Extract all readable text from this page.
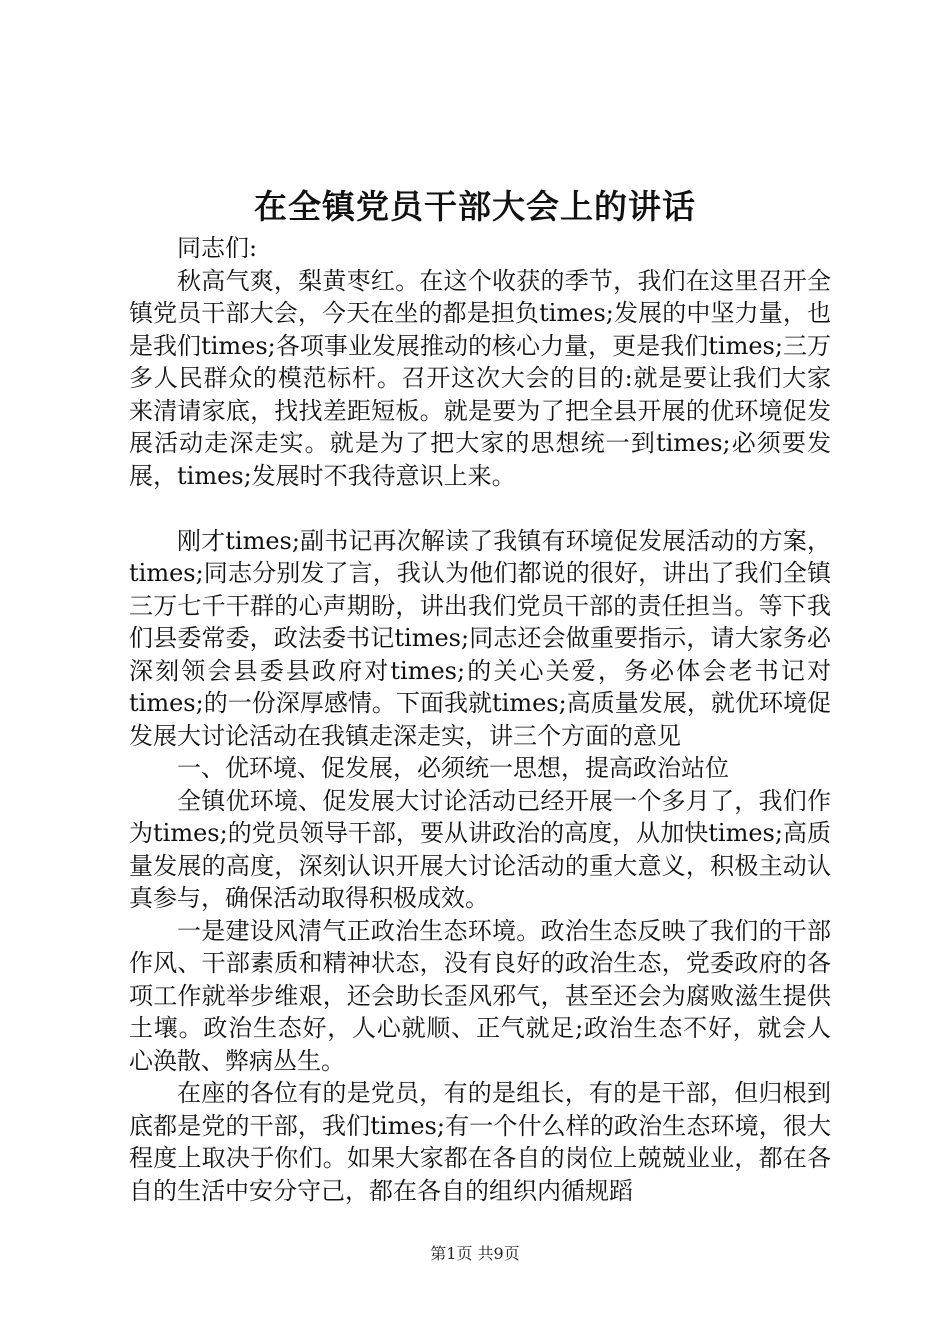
在全镇党员干部大会上的讲话

同志们:

秋高气爽，梨黄枣红。在这个收获的季节，我们在这里召开全镇党员干部大会，今天在坐的都是担负times;发展的中坚力量，也是我们times;各项事业发展推动的核心力量，更是我们times;三万多人民群众的模范标杆。召开这次大会的目的:就是要让我们大家来清请家底，找找差距短板。就是要为了把全县开展的优环境促发展活动走深走实。就是为了把大家的思想统一到times;必须要发展，times;发展时不我待意识上来。

刚才times;副书记再次解读了我镇有环境促发展活动的方案，times;同志分别发了言，我认为他们都说的很好，讲出了我们全镇三万七千干群的心声期盼，讲出我们党员干部的责任担当。等下我们县委常委，政法委书记times;同志还会做重要指示，请大家务必深刻领会县委县政府对times;的关心关爱，务必体会老书记对times;的一份深厚感情。下面我就times;高质量发展，就优环境促发展大讨论活动在我镇走深走实，讲三个方面的意见

一、优环境、促发展，必须统一思想，提高政治站位

全镇优环境、促发展大讨论活动已经开展一个多月了，我们作为times;的党员领导干部，要从讲政治的高度，从加快times;高质量发展的高度，深刻认识开展大讨论活动的重大意义，积极主动认真参与，确保活动取得积极成效。

一是建设风清气正政治生态环境。政治生态反映了我们的干部作风、干部素质和精神状态，没有良好的政治生态，党委政府的各项工作就举步维艰，还会助长歪风邪气，甚至还会为腐败滋生提供土壤。政治生态好，人心就顺、正气就足;政治生态不好，就会人心涣散、弊病丛生。

在座的各位有的是党员，有的是组长，有的是干部，但归根到底都是党的干部，我们times;有一个什么样的政治生态环境，很大程度上取决于你们。如果大家都在各自的岗位上兢兢业业，都在各自的生活中安分守己，都在各自的组织内循规蹈

第1页 共9页
